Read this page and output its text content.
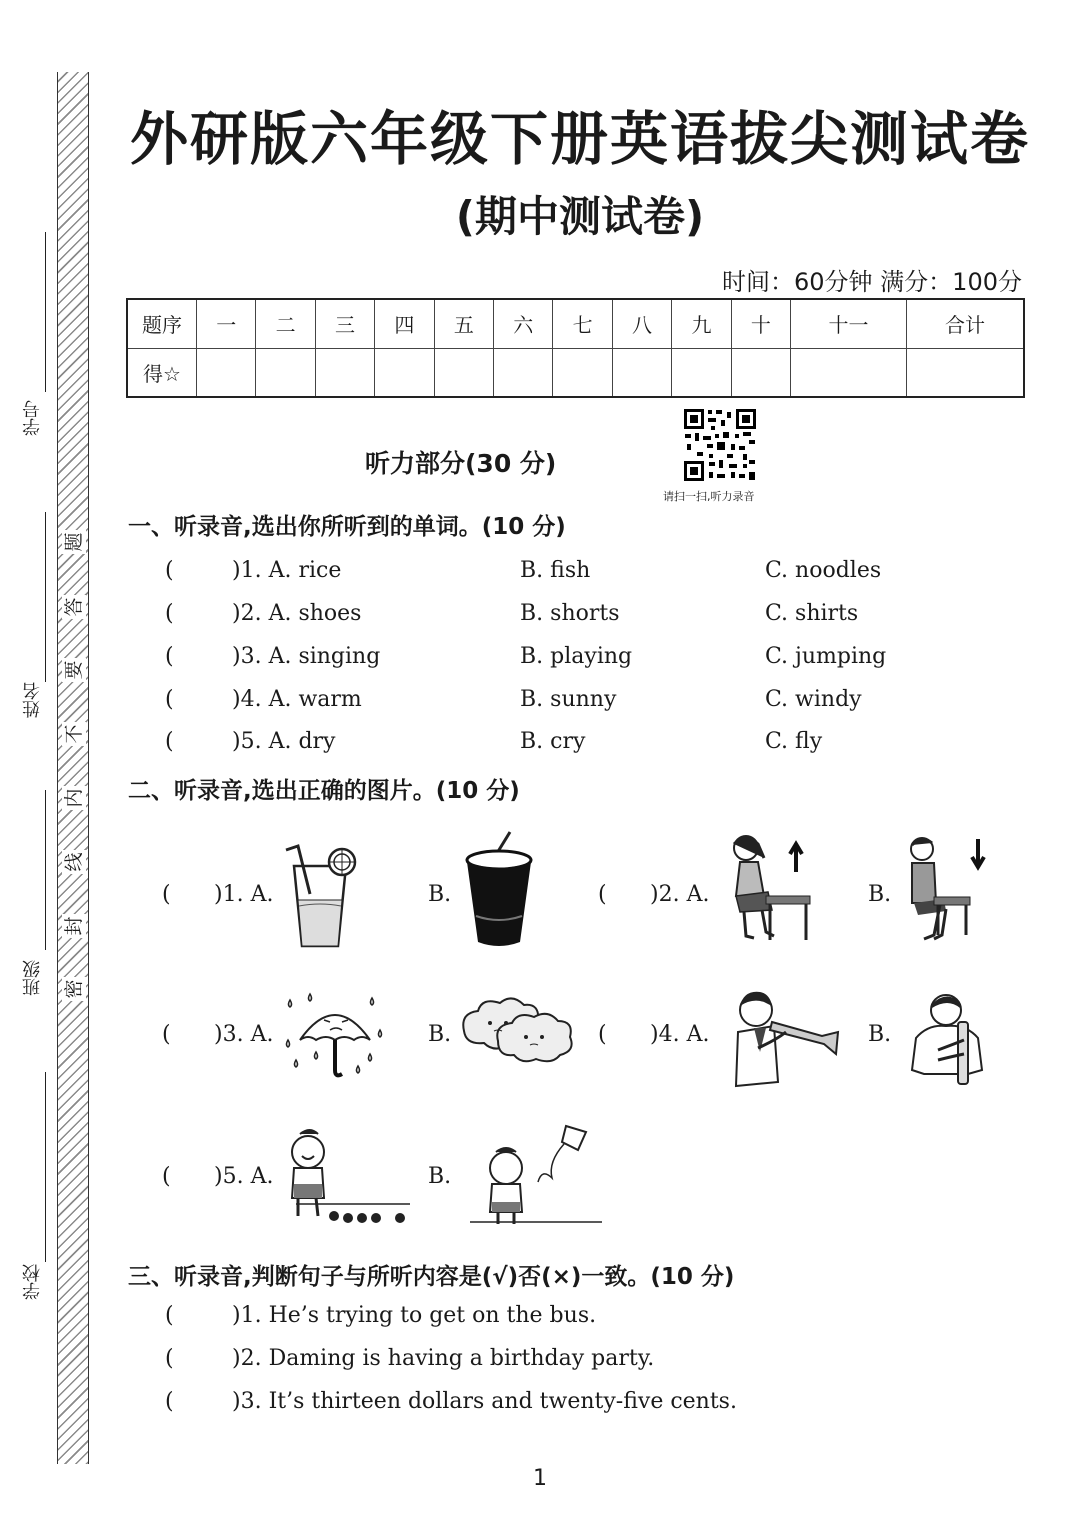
学号
姓名
班级
学校
题
答
要
不
内
线
封
密
外研版六年级下册英语拔尖测试卷
(期中测试卷)
时间：60分钟 满分：100分
题序	一	二	三	四	五	六	七	八	九	十	十一	合计
得☆												
听力部分(30 分)
请扫一扫,听力录音
一、听录音,选出你所听到的单词。(10 分)
(	)1. A. rice	B. fish	C. noodles
(	)2. A. shoes	B. shorts	C. shirts
(	)3. A. singing	B. playing	C. jumping
(	)4. A. warm	B. sunny	C. windy
(	)5. A. dry	B. cry	C. fly
二、听录音,选出正确的图片。(10 分)
( )1. A.	B.	( )2. A.	B.
( )3. A.	B.	( )4. A.	B.
( )5. A.	B.
三、听录音,判断句子与所听内容是(√)否(×)一致。(10 分)
(	)1. He’s trying to get on the bus.
(	)2. Daming is having a birthday party.
(	)3. It’s thirteen dollars and twenty-five cents.
1
